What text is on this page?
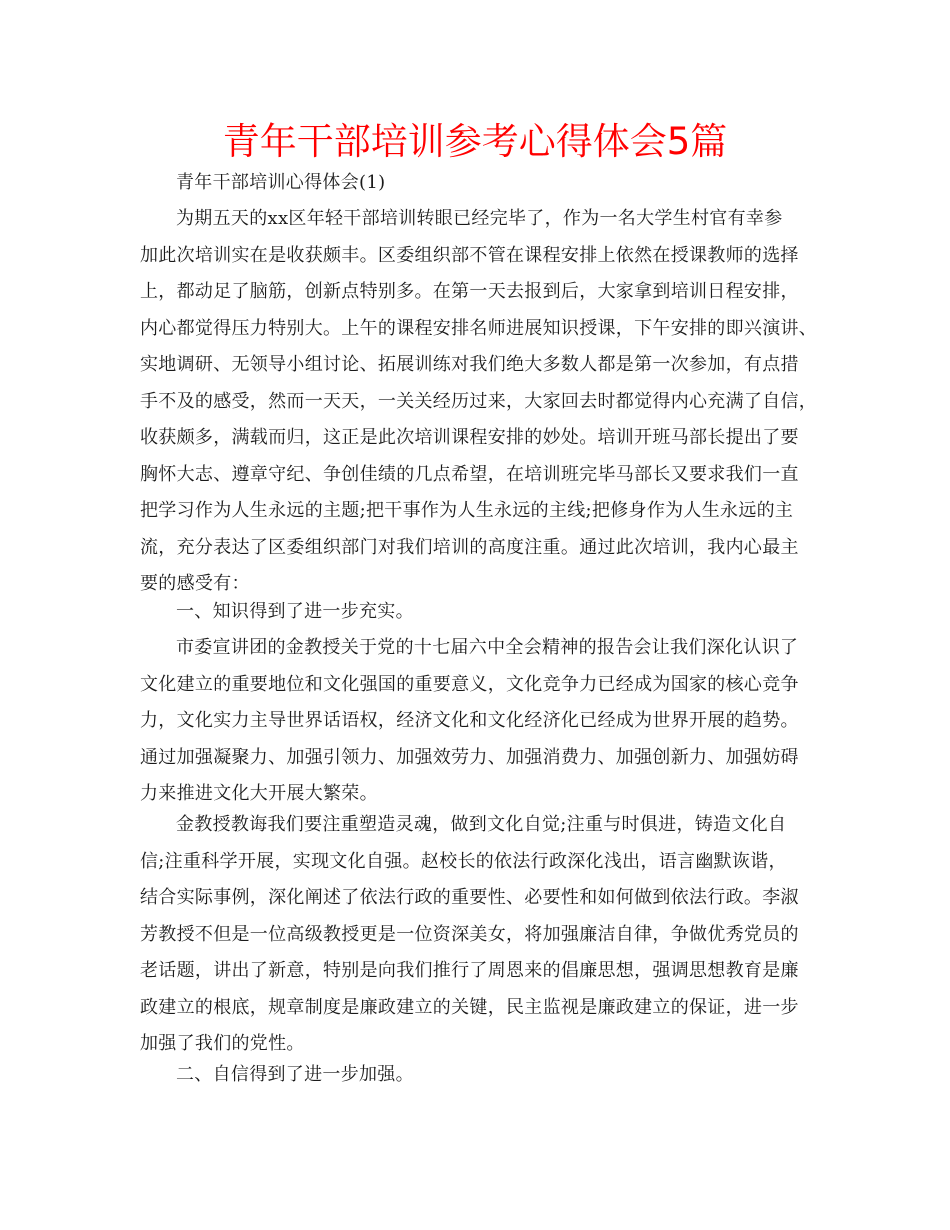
青年干部培训参考心得体会5篇
青年干部培训心得体会(1)
为期五天的xx区年轻干部培训转眼已经完毕了，作为一名大学生村官有幸参
加此次培训实在是收获颇丰。区委组织部不管在课程安排上依然在授课教师的选择
上，都动足了脑筋，创新点特别多。在第一天去报到后，大家拿到培训日程安排，
内心都觉得压力特别大。上午的课程安排名师进展知识授课，下午安排的即兴演讲、
实地调研、无领导小组讨论、拓展训练对我们绝大多数人都是第一次参加，有点措
手不及的感受，然而一天天，一关关经历过来，大家回去时都觉得内心充满了自信，
收获颇多，满载而归，这正是此次培训课程安排的妙处。培训开班马部长提出了要
胸怀大志、遵章守纪、争创佳绩的几点希望，在培训班完毕马部长又要求我们一直
把学习作为人生永远的主题;把干事作为人生永远的主线;把修身作为人生永远的主
流，充分表达了区委组织部门对我们培训的高度注重。通过此次培训，我内心最主
要的感受有：
一、知识得到了进一步充实。
市委宣讲团的金教授关于党的十七届六中全会精神的报告会让我们深化认识了
文化建立的重要地位和文化强国的重要意义，文化竞争力已经成为国家的核心竞争
力，文化实力主导世界话语权，经济文化和文化经济化已经成为世界开展的趋势。
通过加强凝聚力、加强引领力、加强效劳力、加强消费力、加强创新力、加强妨碍
力来推进文化大开展大繁荣。
金教授教诲我们要注重塑造灵魂，做到文化自觉;注重与时俱进，铸造文化自
信;注重科学开展，实现文化自强。赵校长的依法行政深化浅出，语言幽默诙谐，
结合实际事例，深化阐述了依法行政的重要性、必要性和如何做到依法行政。李淑
芳教授不但是一位高级教授更是一位资深美女，将加强廉洁自律，争做优秀党员的
老话题，讲出了新意，特别是向我们推行了周恩来的倡廉思想，强调思想教育是廉
政建立的根底，规章制度是廉政建立的关键，民主监视是廉政建立的保证，进一步
加强了我们的党性。
二、自信得到了进一步加强。
